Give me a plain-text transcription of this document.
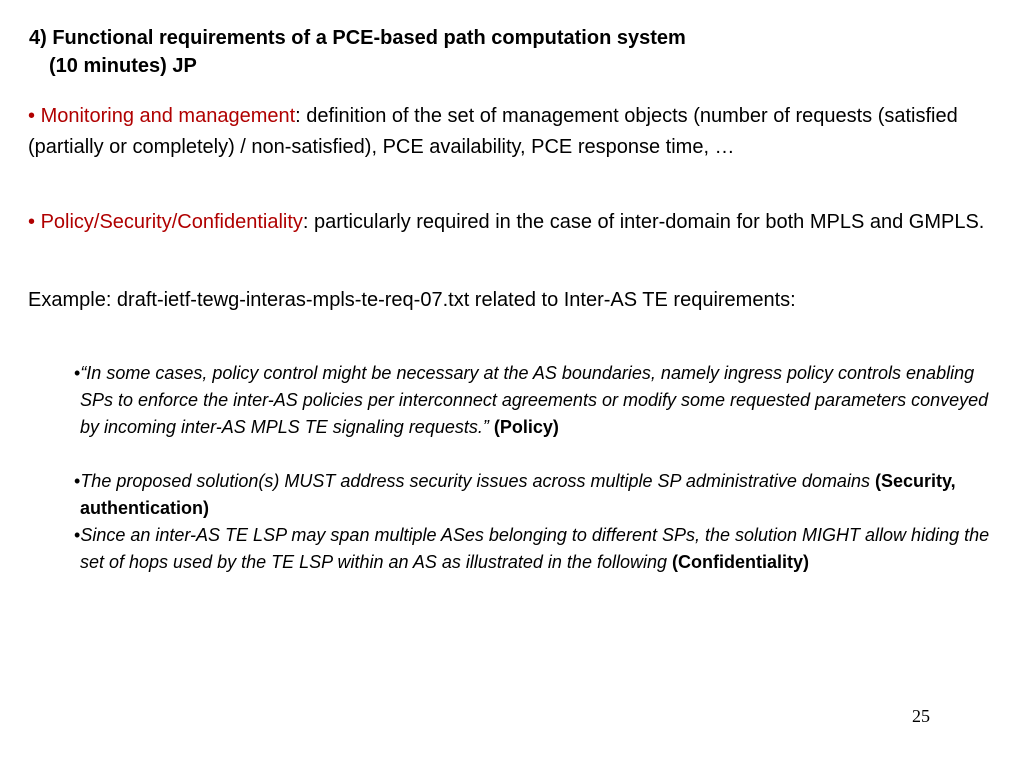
4) Functional requirements of a PCE-based path computation system
(10 minutes) JP
• Monitoring and management: definition of the set of management objects (number of requests (satisfied (partially or completely) / non-satisfied), PCE availability, PCE response time, …
• Policy/Security/Confidentiality: particularly required in the case of inter-domain for both MPLS and GMPLS.
Example: draft-ietf-tewg-interas-mpls-te-req-07.txt related to Inter-AS TE requirements:
•“In some cases, policy control might be necessary at the AS boundaries, namely ingress policy controls enabling SPs to enforce the inter-AS policies per interconnect agreements or modify some requested parameters conveyed by incoming inter-AS MPLS TE signaling requests.” (Policy)
•The proposed solution(s) MUST address security issues across multiple SP administrative domains (Security, authentication)
•Since an inter-AS TE LSP may span multiple ASes belonging to different SPs, the solution MIGHT allow hiding the set of hops used by the TE LSP within an AS as illustrated in the following (Confidentiality)
25
